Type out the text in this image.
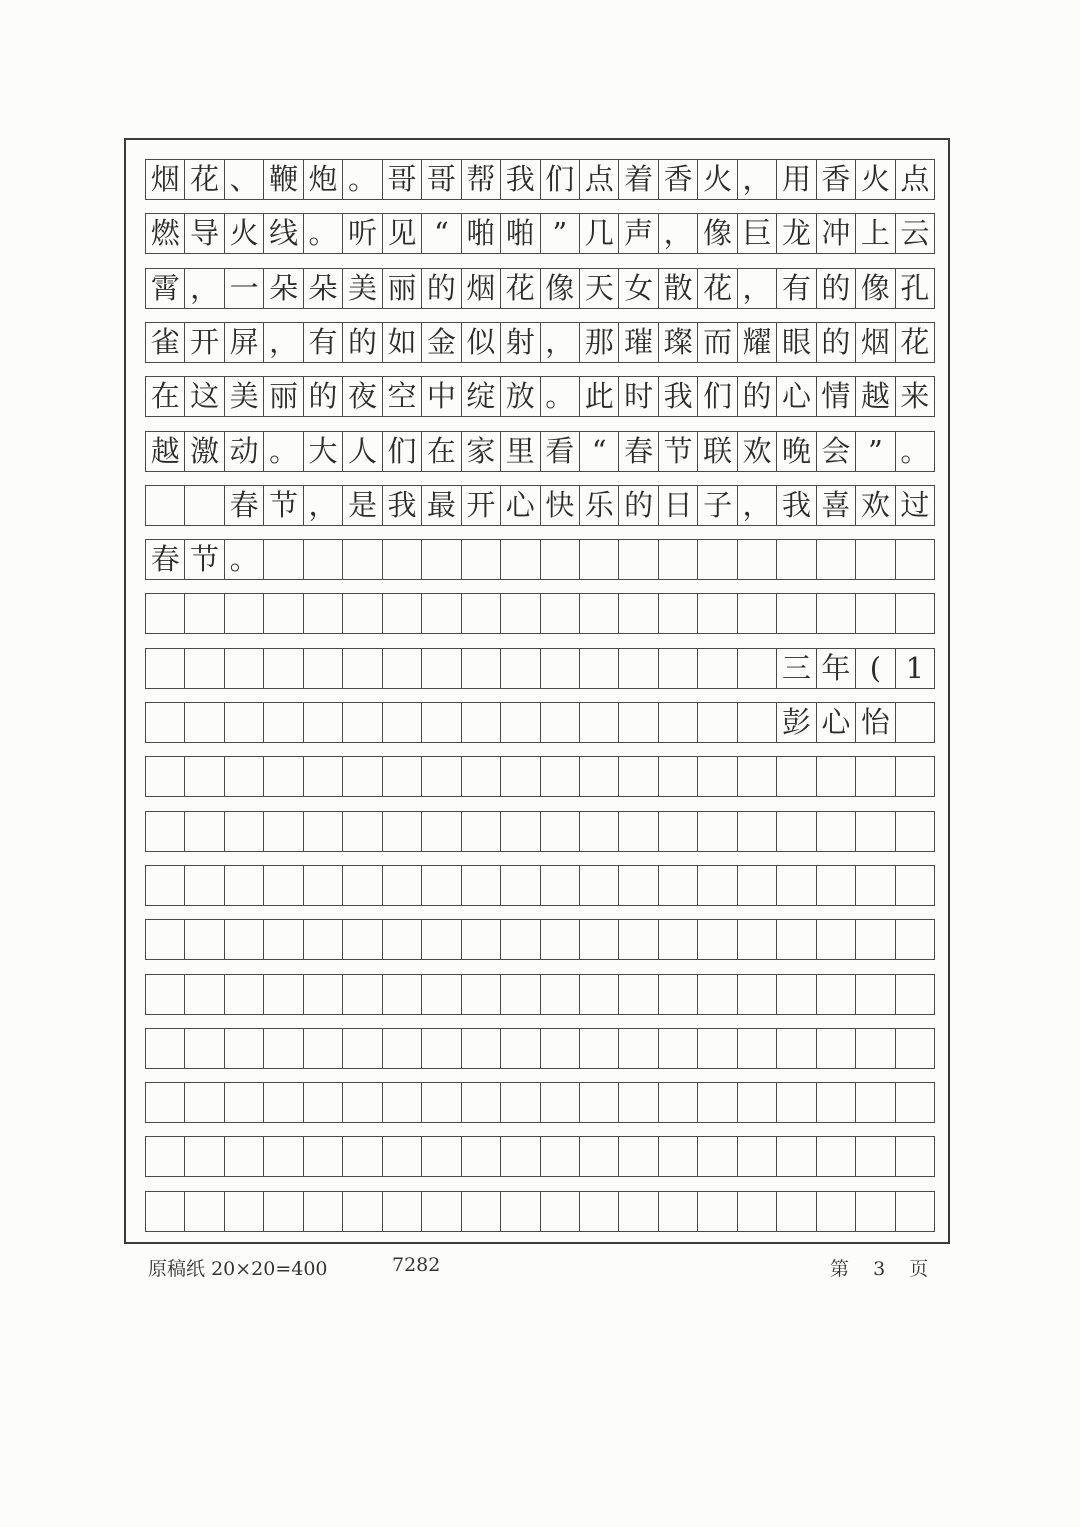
烟 花 、 鞭 炮 。 哥 哥 帮 我 们 点 着 香 火 ， 用 香 火 点
燃 导 火 线 。 听 见 “ 啪 啪 ” 几 声 ， 像 巨 龙 冲 上 云
霄 ， 一 朵 朵 美 丽 的 烟 花 像 天 女 散 花 ， 有 的 像 孔
雀 开 屏 ， 有 的 如 金 似 射 ， 那 璀 璨 而 耀 眼 的 烟 花
在 这 美 丽 的 夜 空 中 绽 放 。 此 时 我 们 的 心 情 越 来
越 激 动 。 大 人 们 在 家 里 看 “ 春 节 联 欢 晚 会 ” 。
春 节 ， 是 我 最 开 心 快 乐 的 日 子 ， 我 喜 欢 过
春 节 。
三 年 ( 1
彭 心 怡
原稿纸 20×20=400	7282	第 3 页
